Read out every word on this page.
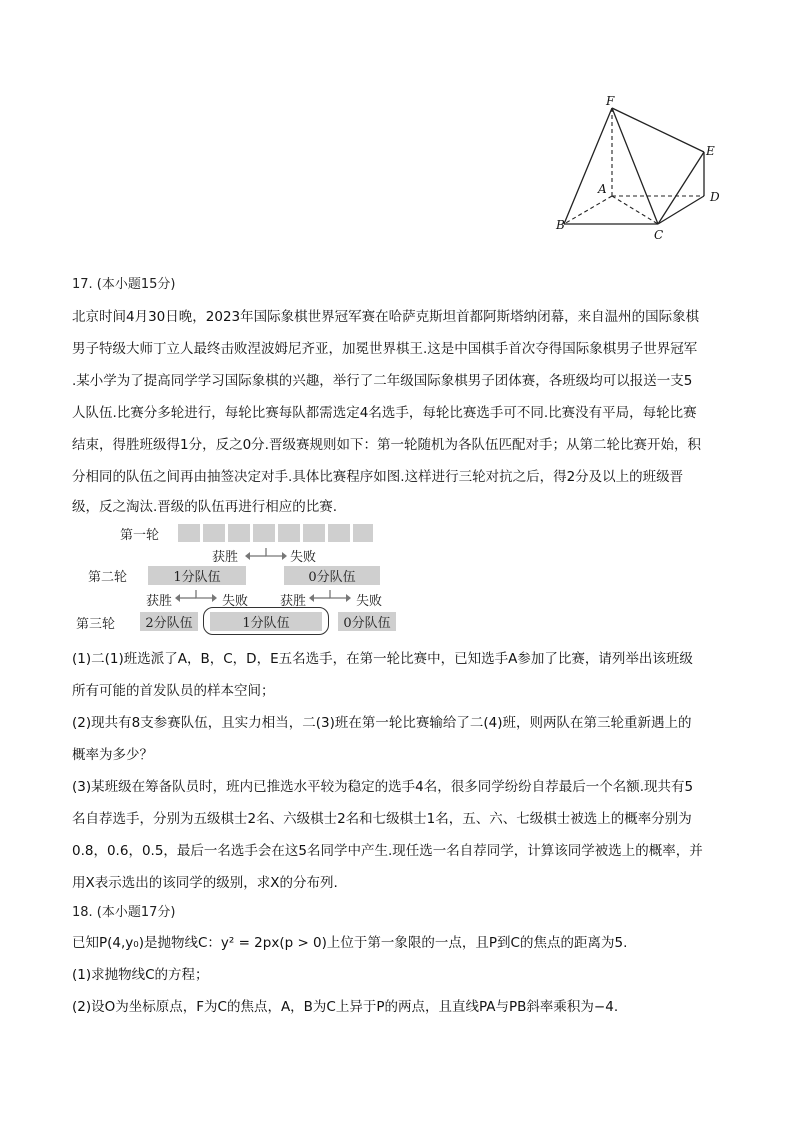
F
E
A
D
B
C
17. (本小题15分)
北京时间4月30日晚，2023年国际象棋世界冠军赛在哈萨克斯坦首都阿斯塔纳闭幕，来自温州的国际象棋
男子特级大师丁立人最终击败涅波姆尼齐亚，加冕世界棋王.这是中国棋手首次夺得国际象棋男子世界冠军
.某小学为了提高同学学习国际象棋的兴趣，举行了二年级国际象棋男子团体赛，各班级均可以报送一支5
人队伍.比赛分多轮进行，每轮比赛每队都需选定4名选手，每轮比赛选手可不同.比赛没有平局，每轮比赛
结束，得胜班级得1分，反之0分.晋级赛规则如下：第一轮随机为各队伍匹配对手；从第二轮比赛开始，积
分相同的队伍之间再由抽签决定对手.具体比赛程序如图.这样进行三轮对抗之后，得2分及以上的班级晋
级，反之淘汰.晋级的队伍再进行相应的比赛.
第一轮
获胜	失败
第二轮	1分队伍	0分队伍
获胜	失败 获胜	失败
第三轮	2分队伍	1分队伍	0分队伍
(1)二(1)班选派了A，B，C，D，E五名选手，在第一轮比赛中，已知选手A参加了比赛，请列举出该班级
所有可能的首发队员的样本空间；
(2)现共有8支参赛队伍，且实力相当，二(3)班在第一轮比赛输给了二(4)班，则两队在第三轮重新遇上的
概率为多少？
(3)某班级在筹备队员时，班内已推选水平较为稳定的选手4名，很多同学纷纷自荐最后一个名额.现共有5
名自荐选手，分别为五级棋士2名、六级棋士2名和七级棋士1名，五、六、七级棋士被选上的概率分别为
0.8，0.6，0.5，最后一名选手会在这5名同学中产生.现任选一名自荐同学，计算该同学被选上的概率，并
用X表示选出的该同学的级别，求X的分布列.
18. (本小题17分)
已知P(4,y₀)是抛物线C：y² = 2px(p > 0)上位于第一象限的一点，且P到C的焦点的距离为5.
(1)求抛物线C的方程；
(2)设O为坐标原点，F为C的焦点，A，B为C上异于P的两点，且直线PA与PB斜率乘积为−4.
